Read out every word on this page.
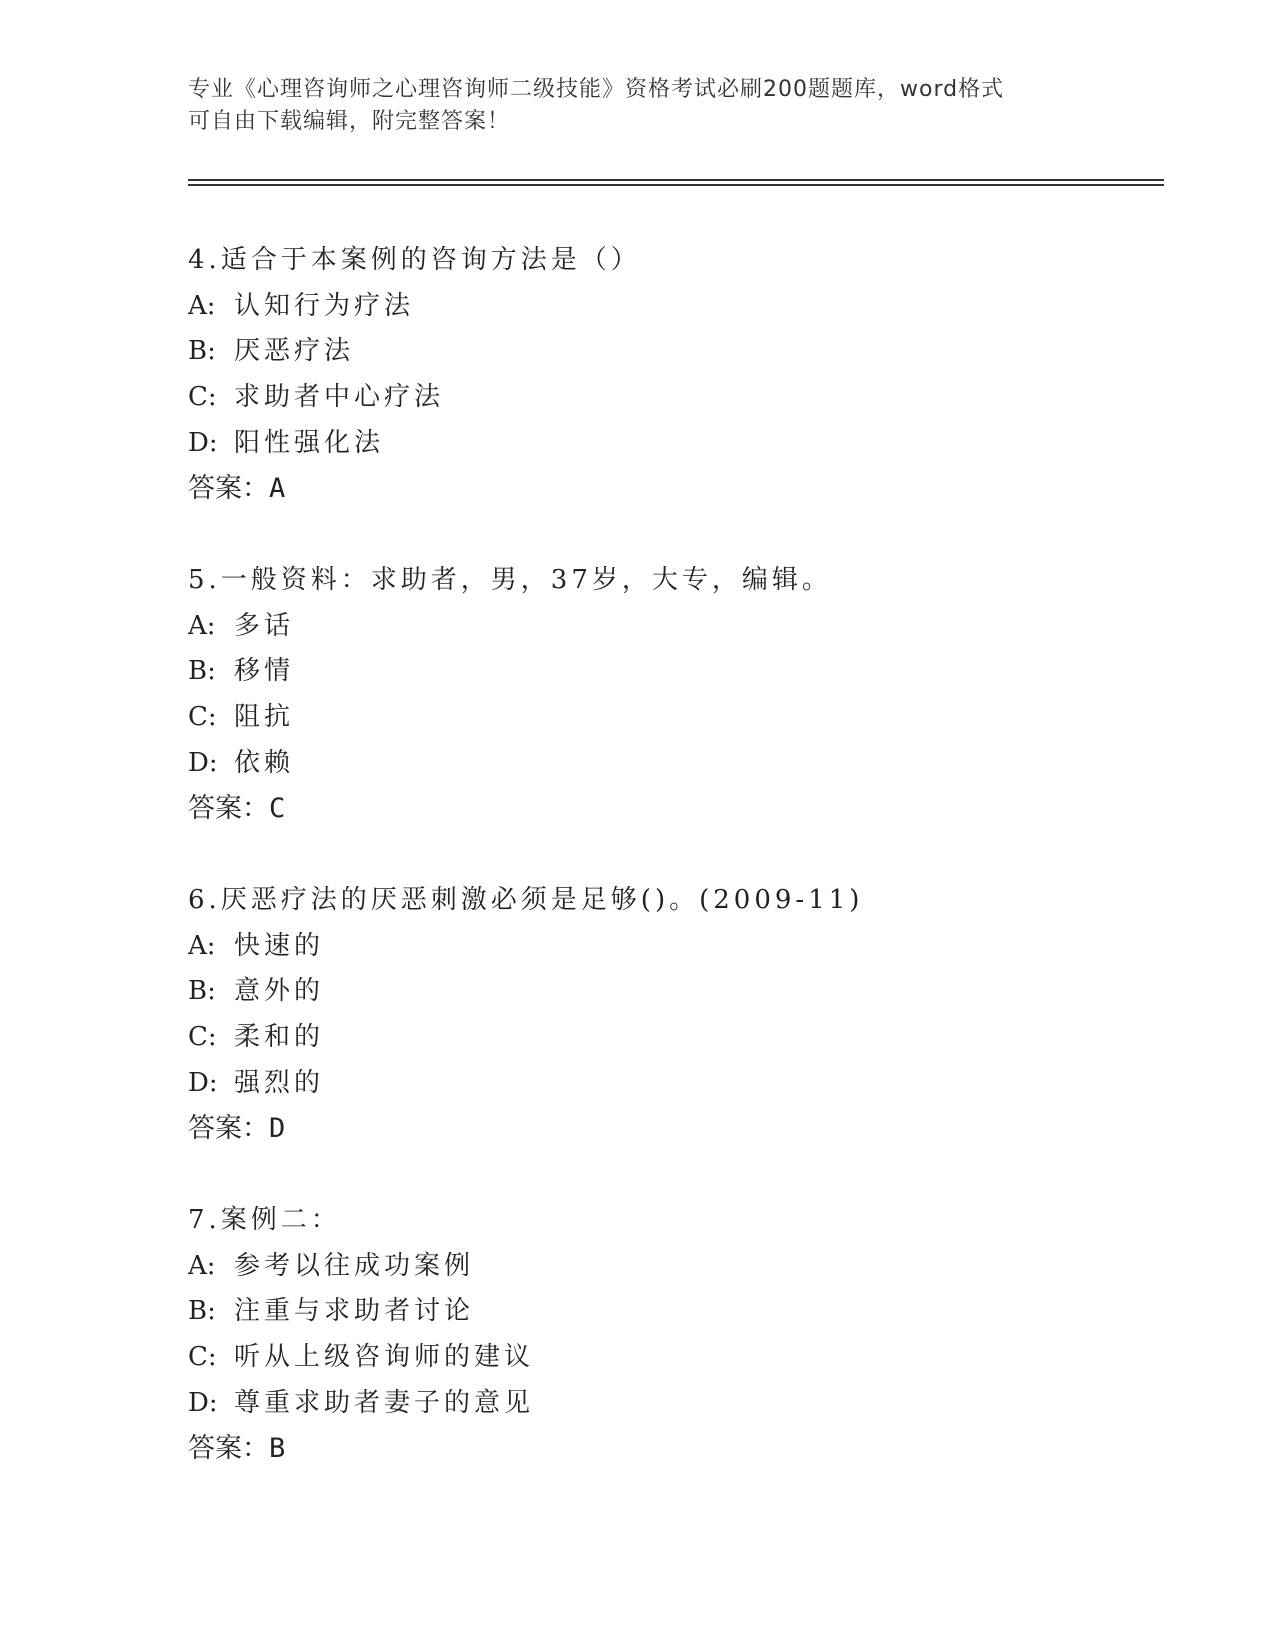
专业《心理咨询师之心理咨询师二级技能》资格考试必刷200题题库，word格式
可自由下载编辑，附完整答案！
4.适合于本案例的咨询方法是（）
A: 认知行为疗法
B: 厌恶疗法
C: 求助者中心疗法
D: 阳性强化法
答案：A
5.一般资料：求助者，男，37岁，大专，编辑。
A: 多话
B: 移情
C: 阻抗
D: 依赖
答案：C
6.厌恶疗法的厌恶刺激必须是足够()。(2009-11)
A: 快速的
B: 意外的
C: 柔和的
D: 强烈的
答案：D
7.案例二：
A: 参考以往成功案例
B: 注重与求助者讨论
C: 听从上级咨询师的建议
D: 尊重求助者妻子的意见
答案：B
